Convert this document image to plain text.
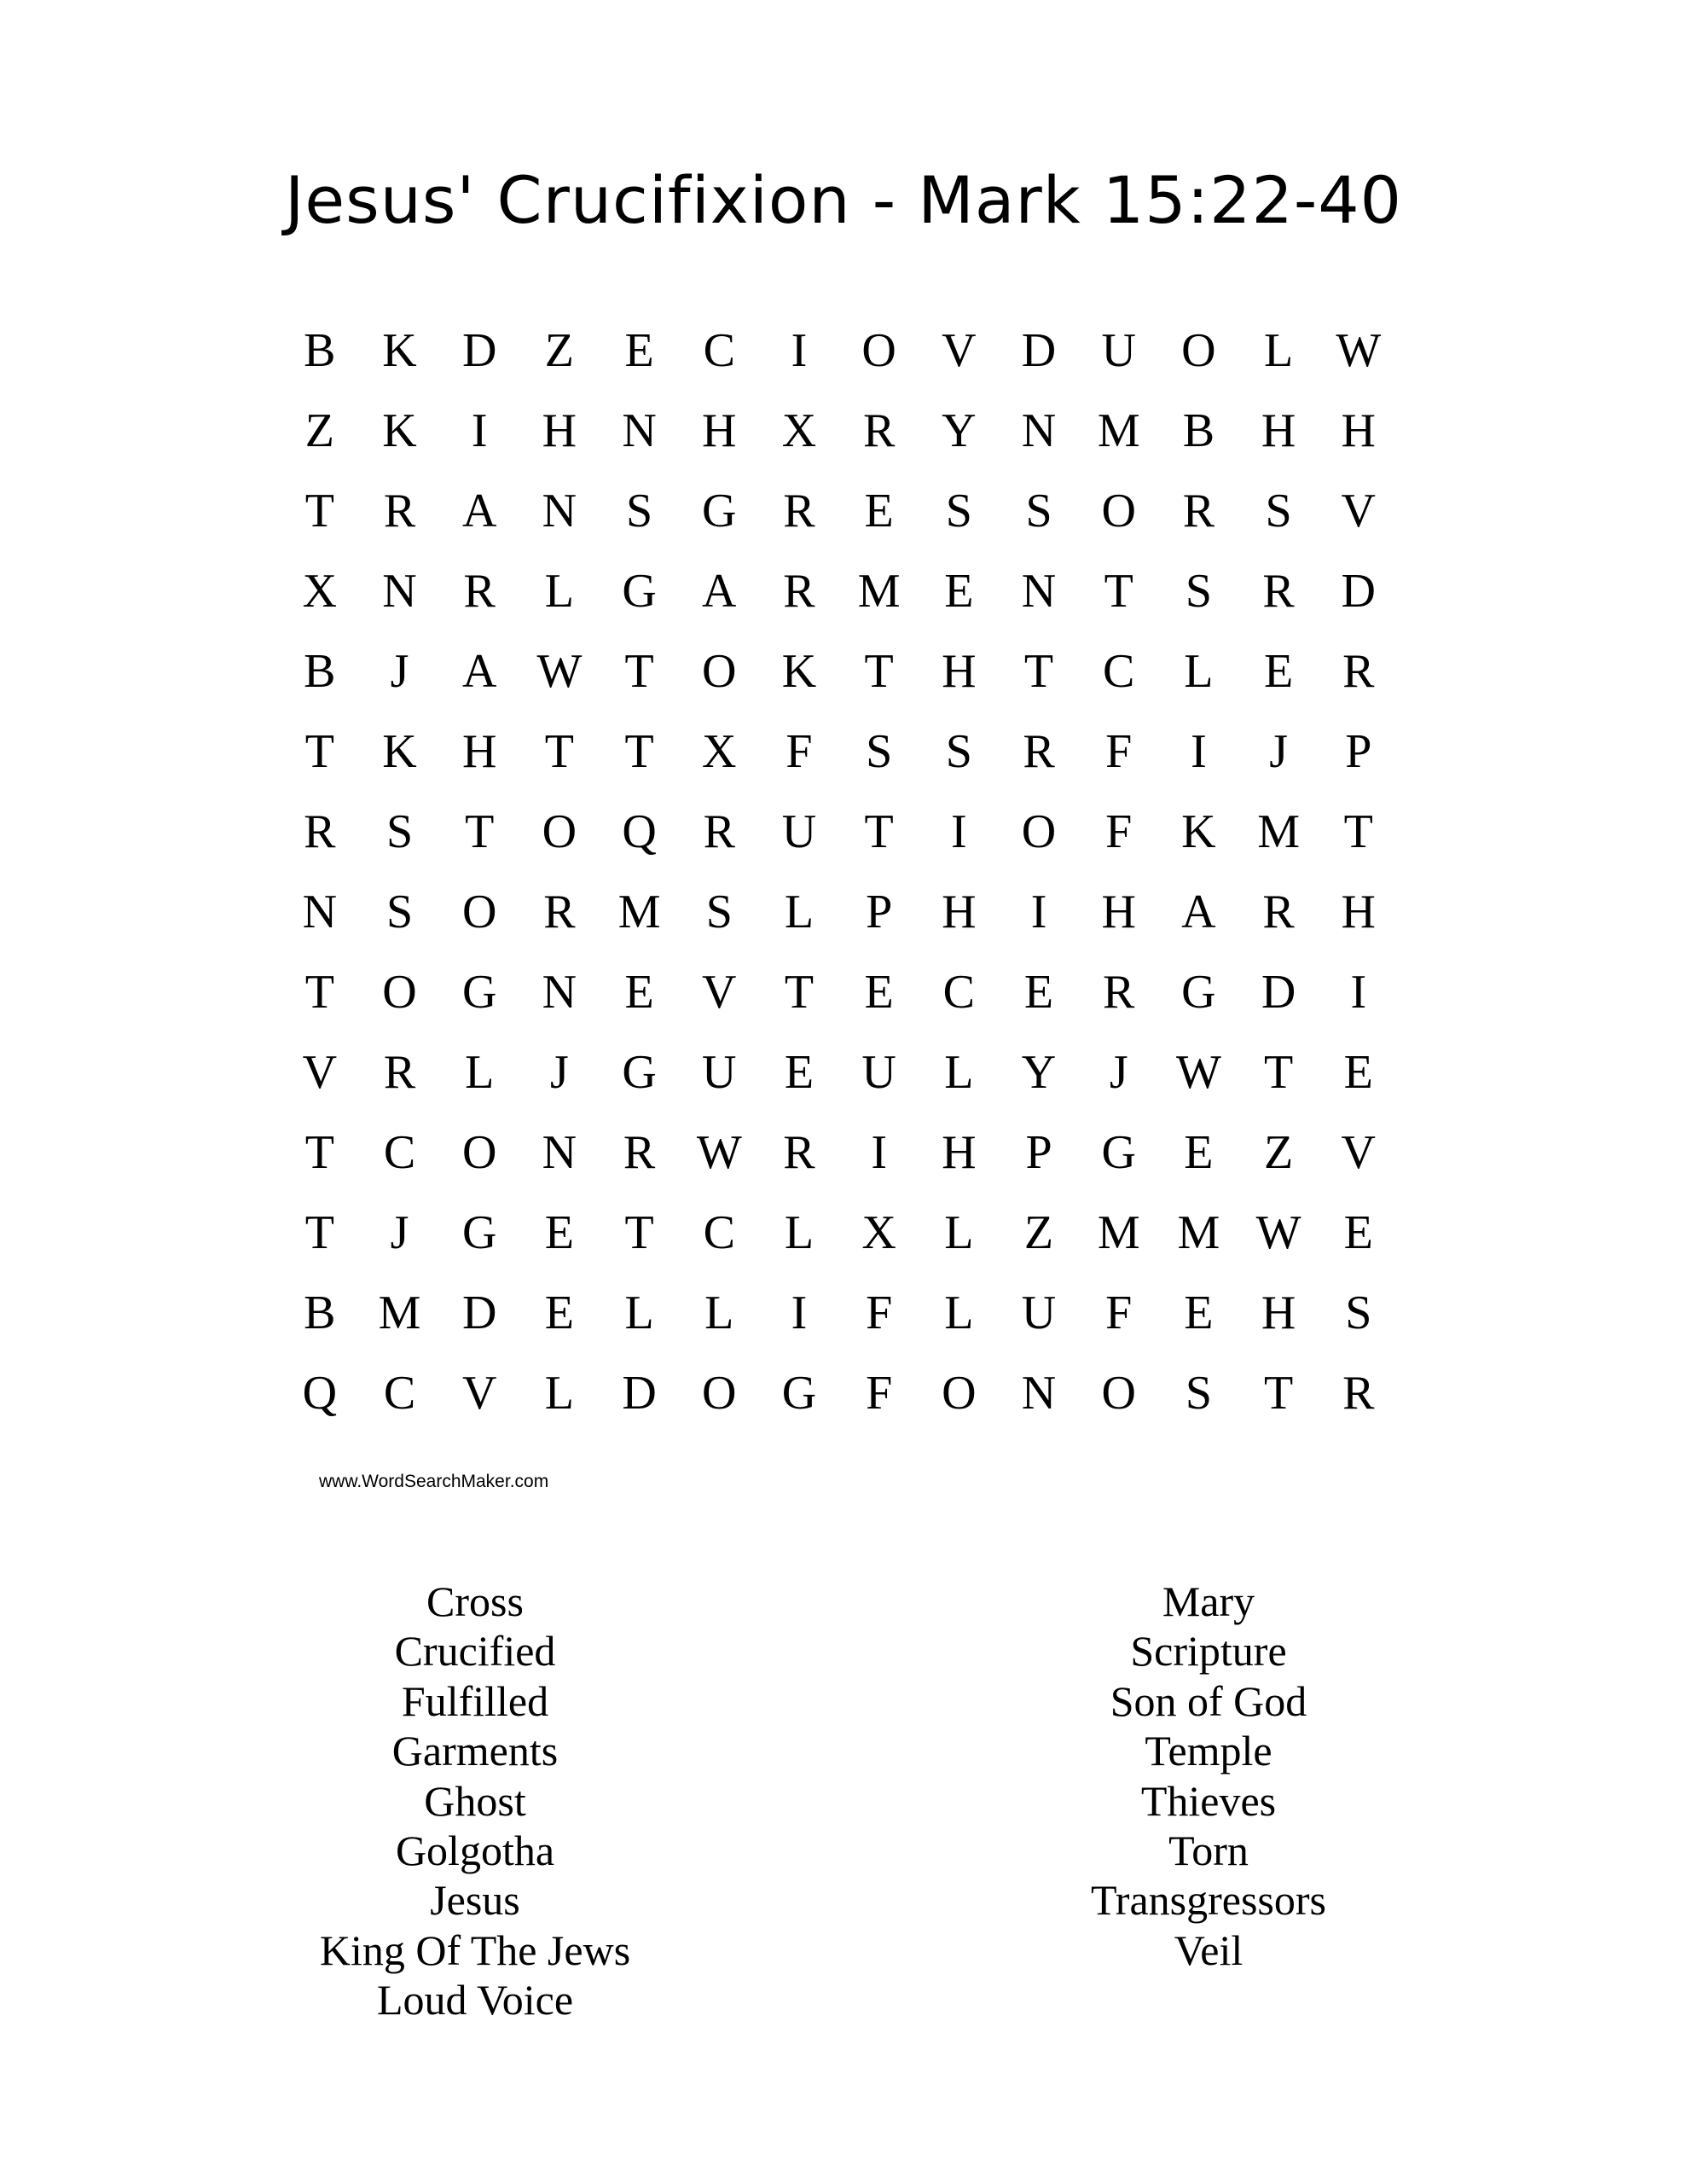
Jesus' Crucifixion - Mark 15:22-40
B K D	Z	E	C	I	O V D U O	L W
Z	K	I	H N H X R Y N M B H H
T	R A N	S	G R	E	S	S	O R	S	V
X N R	L	G A R M E	N	T	S	R D
B	J	A W T	O K	T	H	T	C	L	E	R
T	K H	T	T	X	F	S	S	R	F	I	J	P
R	S	T	O Q R U	T	I	O	F	K M T
N	S	O R M S	L	P	H	I	H A R H
T	O G N	E	V	T	E	C	E	R G D	I
V R	L	J	G U	E	U	L	Y	J	W T	E
T	C O N R W R	I	H	P	G	E	Z	V
T	J	G	E	T	C	L	X	L	Z M M W E
B M D	E	L	L	I	F	L	U	F	E	H	S
Q C V	L	D O G	F	O N O	S	T	R
www.WordSearchMaker.com
Cross
Crucified
Fulfilled
Garments
Ghost
Golgotha
Jesus
King Of The Jews
Loud Voice
Mary
Scripture
Son of God
Temple
Thieves
Torn
Transgressors
Veil
